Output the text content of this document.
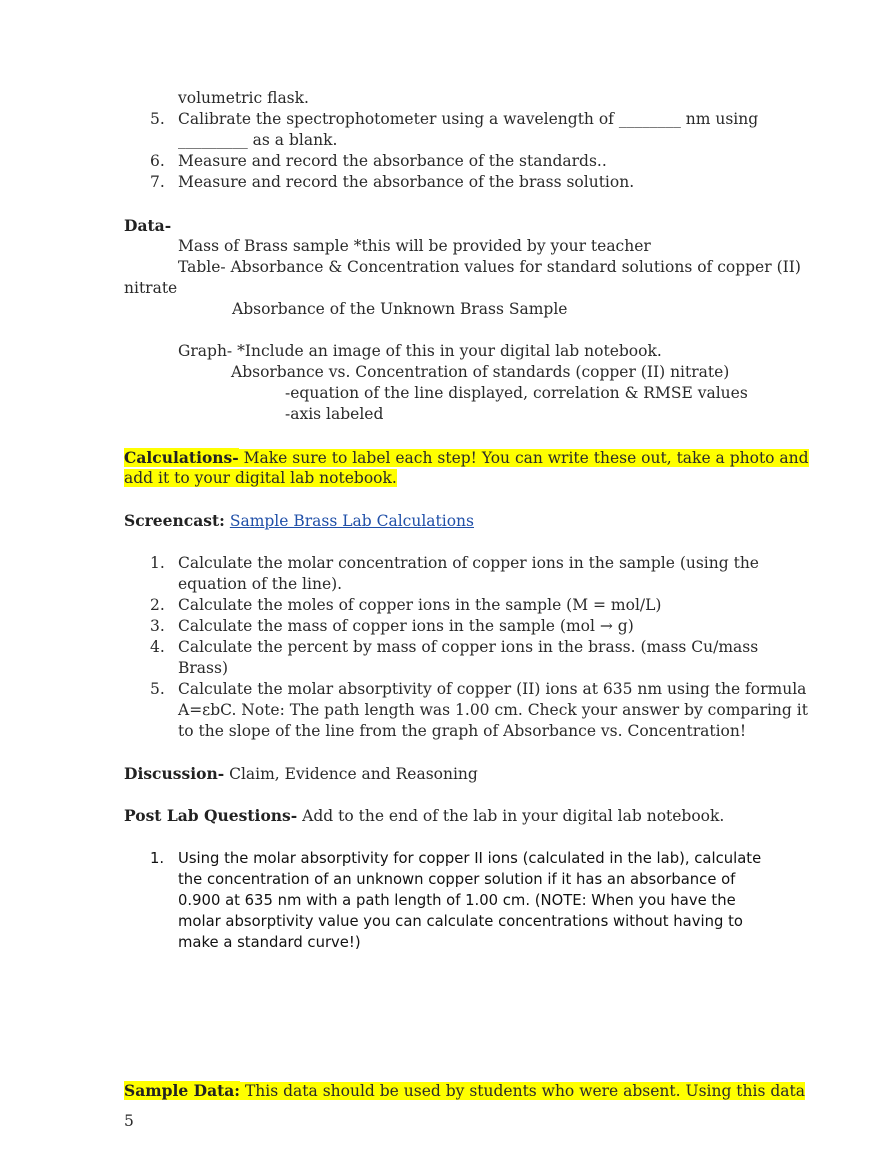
volumetric flask.
5. Calibrate the spectrophotometer using a wavelength of ________ nm using
_________ as a blank.
6. Measure and record the absorbance of the standards..
7. Measure and record the absorbance of the brass solution.
Data-
Mass of Brass sample *this will be provided by your teacher
Table- Absorbance & Concentration values for standard solutions of copper (II)
nitrate
Absorbance of the Unknown Brass Sample
Graph- *Include an image of this in your digital lab notebook.
Absorbance vs. Concentration of standards (copper (II) nitrate)
-equation of the line displayed, correlation & RMSE values
-axis labeled
Calculations- Make sure to label each step! You can write these out, take a photo and
add it to your digital lab notebook.
Screencast: Sample Brass Lab Calculations
1. Calculate the molar concentration of copper ions in the sample (using the
equation of the line).
2. Calculate the moles of copper ions in the sample (M = mol/L)
3. Calculate the mass of copper ions in the sample (mol → g)
4. Calculate the percent by mass of copper ions in the brass. (mass Cu/mass
Brass)
5. Calculate the molar absorptivity of copper (II) ions at 635 nm using the formula
A=εbC. Note: The path length was 1.00 cm. Check your answer by comparing it
to the slope of the line from the graph of Absorbance vs. Concentration!
Discussion- Claim, Evidence and Reasoning
Post Lab Questions- Add to the end of the lab in your digital lab notebook.
1. Using the molar absorptivity for copper II ions (calculated in the lab), calculate
the concentration of an unknown copper solution if it has an absorbance of
0.900 at 635 nm with a path length of 1.00 cm. (NOTE: When you have the
molar absorptivity value you can calculate concentrations without having to
make a standard curve!)
Sample Data: This data should be used by students who were absent. Using this data
5
